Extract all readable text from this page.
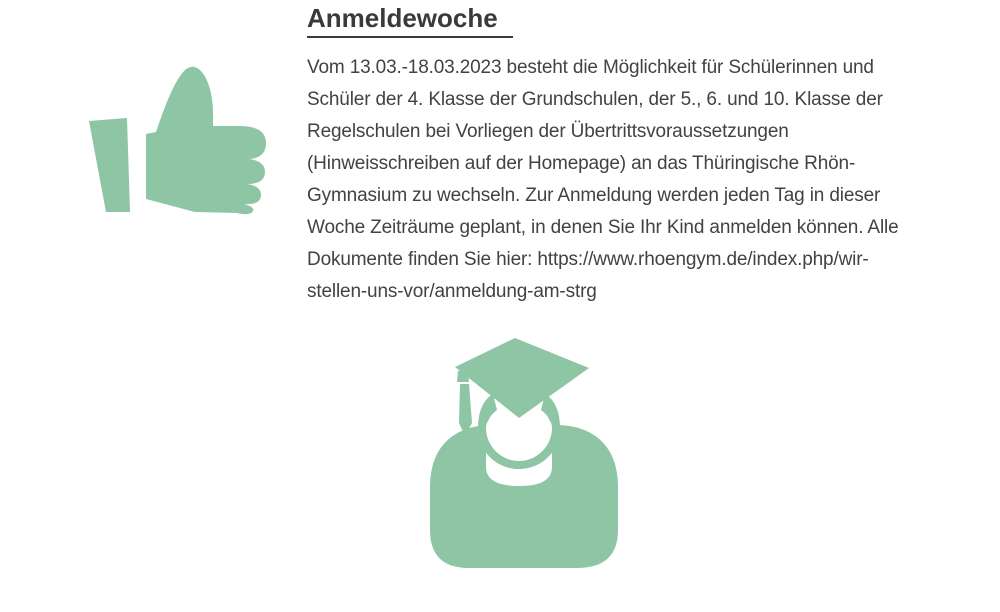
Anmeldewoche
Vom 13.03.-18.03.2023 besteht die Möglichkeit für Schülerinnen und
Schüler der 4. Klasse der Grundschulen, der 5., 6. und 10. Klasse der
Regelschulen bei Vorliegen der Übertrittsvoraussetzungen
(Hinweisschreiben auf der Homepage) an das Thüringische Rhön-
Gymnasium zu wechseln. Zur Anmeldung werden jeden Tag in dieser
Woche Zeiträume geplant, in denen Sie Ihr Kind anmelden können. Alle
Dokumente finden Sie hier: https://www.rhoengym.de/index.php/wir-
stellen-uns-vor/anmeldung-am-strg
